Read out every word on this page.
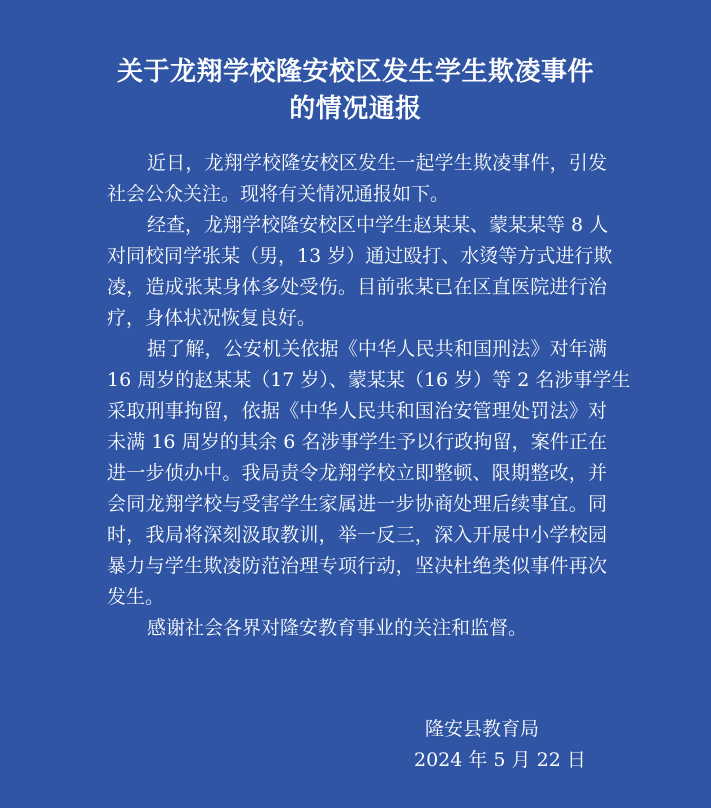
关于龙翔学校隆安校区发生学生欺凌事件
的情况通报
近日，龙翔学校隆安校区发生一起学生欺凌事件，引发
社会公众关注。现将有关情况通报如下。
经查，龙翔学校隆安校区中学生赵某某、蒙某某等 8 人
对同校同学张某（男，13 岁）通过殴打、水烫等方式进行欺
凌，造成张某身体多处受伤。目前张某已在区直医院进行治
疗，身体状况恢复良好。
据了解，公安机关依据《中华人民共和国刑法》对年满
16 周岁的赵某某（17 岁）、蒙某某（16 岁）等 2 名涉事学生
采取刑事拘留，依据《中华人民共和国治安管理处罚法》对
未满 16 周岁的其余 6 名涉事学生予以行政拘留，案件正在
进一步侦办中。我局责令龙翔学校立即整顿、限期整改，并
会同龙翔学校与受害学生家属进一步协商处理后续事宜。同
时，我局将深刻汲取教训，举一反三，深入开展中小学校园
暴力与学生欺凌防范治理专项行动，坚决杜绝类似事件再次
发生。
感谢社会各界对隆安教育事业的关注和监督。
隆安县教育局
2024 年 5 月 22 日
